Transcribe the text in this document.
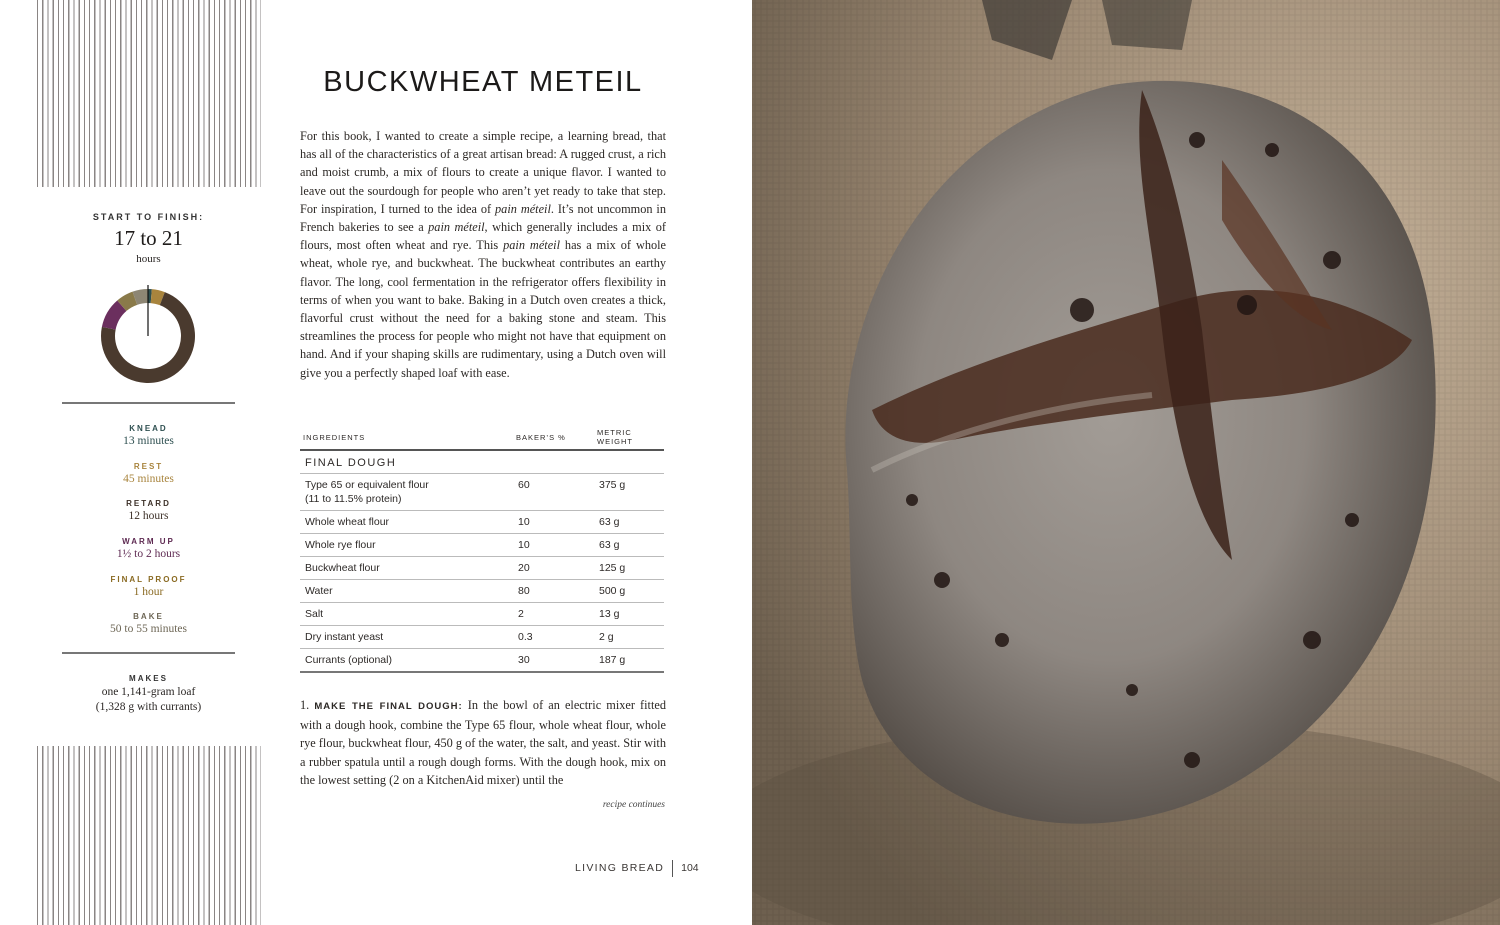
START TO FINISH:
17 to 21
hours
KNEAD
13 minutes
REST
45 minutes
RETARD
12 hours
WARM UP
1½ to 2 hours
FINAL PROOF
1 hour
BAKE
50 to 55 minutes
MAKES
one 1,141-gram loaf
(1,328 g with currants)
BUCKWHEAT METEIL

For this book, I wanted to create a simple recipe, a learning bread, that has all of the characteristics of a great artisan bread: A rugged crust, a rich and moist crumb, a mix of flours to create a unique flavor. I wanted to leave out the sourdough for people who aren’t yet ready to take that step. For inspiration, I turned to the idea of pain méteil. It’s not uncommon in French bakeries to see a pain méteil, which generally includes a mix of flours, most often wheat and rye. This pain méteil has a mix of whole wheat, whole rye, and buckwheat. The buckwheat contributes an earthy flavor. The long, cool fermentation in the refrigerator offers flexibility in terms of when you want to bake. Baking in a Dutch oven creates a thick, flavorful crust without the need for a baking stone and steam. This streamlines the process for people who might not have that equipment on hand. And if your shaping skills are rudimentary, using a Dutch oven will give you a perfectly shaped loaf with ease.

INGREDIENTS	BAKER’S %	METRIC WEIGHT
FINAL DOUGH		
Type 65 or equivalent flour
(11 to 11.5% protein)	60	375 g
Whole wheat flour	10	63 g
Whole rye flour	10	63 g
Buckwheat flour	20	125 g
Water	80	500 g
Salt	2	13 g
Dry instant yeast	0.3	2 g
Currants (optional)	30	187 g

1. MAKE THE FINAL DOUGH: In the bowl of an electric mixer fitted with a dough hook, combine the Type 65 flour, whole wheat flour, whole rye flour, buckwheat flour, 450 g of the water, the salt, and yeast. Stir with a rubber spatula until a rough dough forms. With the dough hook, mix on the lowest setting (2 on a KitchenAid mixer) until the

recipe continues
LIVING BREAD 104
